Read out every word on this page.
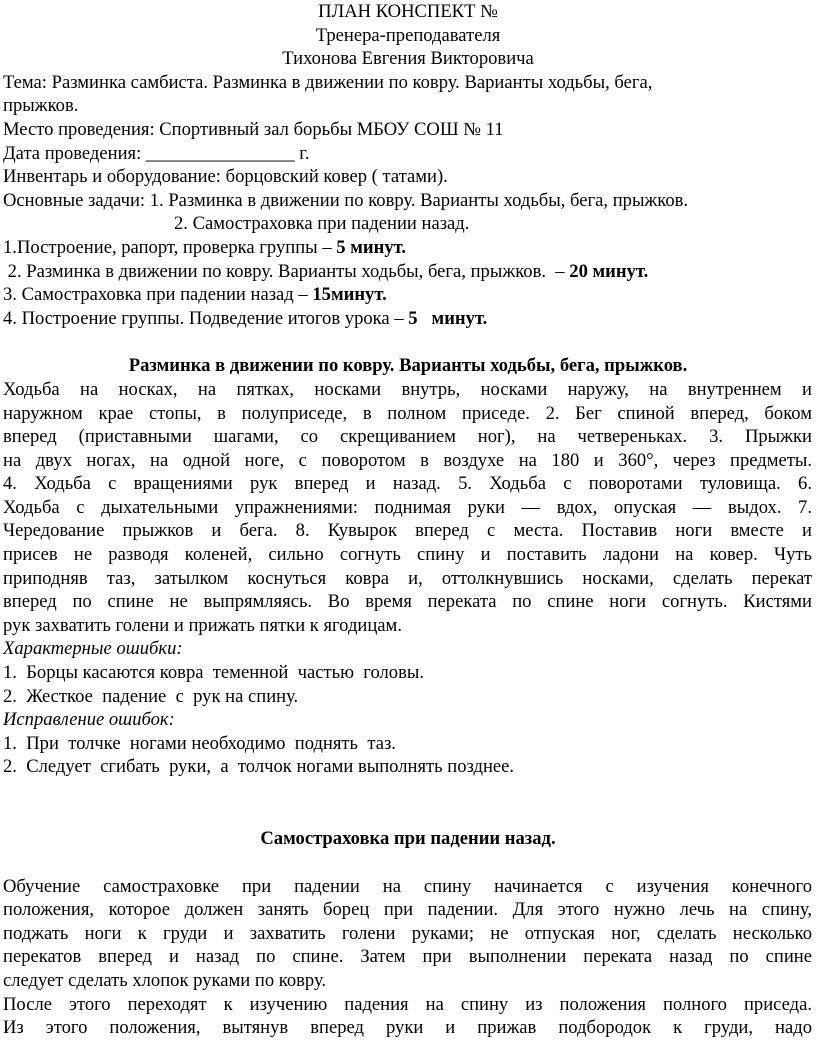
ПЛАН КОНСПЕКТ №
Тренера-преподавателя
Тихонова Евгения Викторовича
Тема: Разминка самбиста. Разминка в движении по ковру. Варианты ходьбы, бега,
прыжков.
Место проведения: Спортивный зал борьбы МБОУ СОШ № 11
Дата проведения: ________________ г.
Инвентарь и оборудование: борцовский ковер ( татами).
Основные задачи: 1. Разминка в движении по ковру. Варианты ходьбы, бега, прыжков.
2. Самостраховка при падении назад.
1.Построение, рапорт, проверка группы – 5 минут.
2. Разминка в движении по ковру. Варианты ходьбы, бега, прыжков.  – 20 минут.
3. Самостраховка при падении назад – 15минут.
4. Построение группы. Подведение итогов урока – 5   минут.
Разминка в движении по ковру. Варианты ходьбы, бега, прыжков.
Ходьба на носках, на пятках, носками внутрь, носками наружу, на внутреннем и
наружном крае стопы, в полуприседе, в полном приседе. 2. Бег спиной вперед, боком
вперед (приставными шагами, со скрещиванием ног), на четвереньках. 3. Прыжки
на двух ногах, на одной ноге, с поворотом в воздухе на 180 и 360°, через предметы.
4. Ходьба с вращениями рук вперед и назад. 5. Ходьба с поворотами туловища. 6.
Ходьба с дыхательными упражнениями: поднимая руки — вдох, опуская — выдох. 7.
Чередование прыжков и бега. 8. Кувырок вперед с места. Поставив ноги вместе и
присев не разводя коленей, сильно согнуть спину и поставить ладони на ковер. Чуть
приподняв таз, затылком коснуться ковра и, оттолкнувшись носками, сделать перекат
вперед по спине не выпрямляясь. Во время переката по спине ноги согнуть. Кистями
рук захватить голени и прижать пятки к ягодицам.
Характерные ошибки:
1.  Борцы касаются ковра  теменной  частью  головы.
2.  Жесткое  падение  с  рук на спину.
Исправление ошибок:
1.  При  толчке  ногами необходимо  поднять  таз.
2.  Следует  сгибать  руки,  а  толчок ногами выполнять позднее.
Самостраховка при падении назад.
Обучение самостраховке при падении на спину начинается с изучения конечного
положения, которое должен занять борец при падении. Для этого нужно лечь на спину,
поджать ноги к груди и захватить голени руками; не отпуская ног, сделать несколько
перекатов вперед и назад по спине. Затем при выполнении переката назад по спине
следует сделать хлопок руками по ковру.
После этого переходят к изучению падения на спину из положения полного приседа.
Из этого положения, вытянув вперед руки и прижав подбородок к груди, надо
